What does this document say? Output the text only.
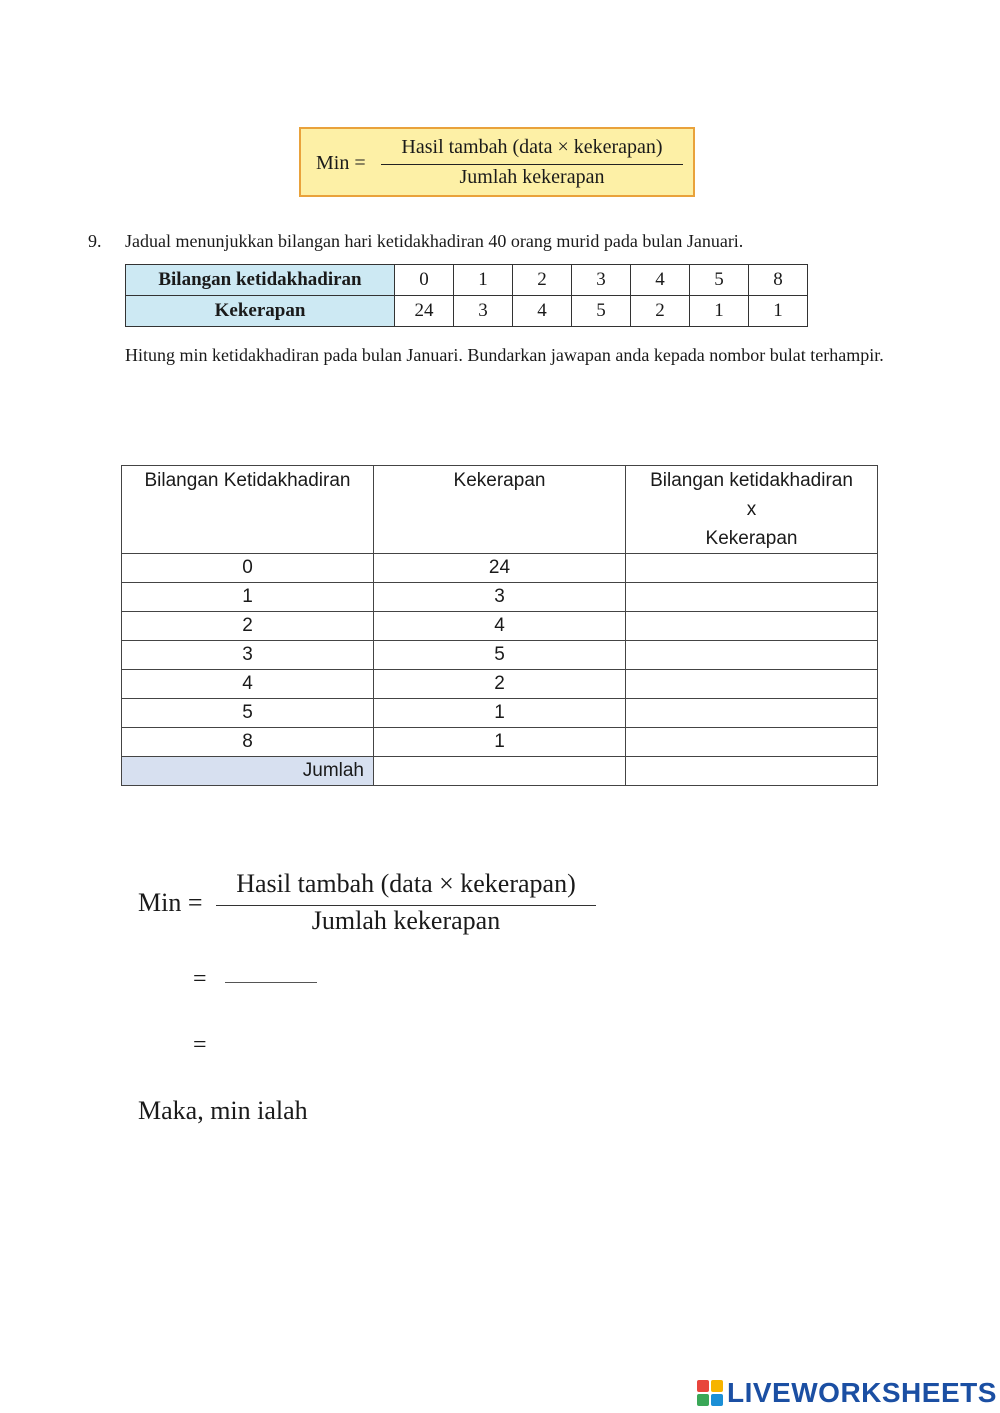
Min =
Hasil tambah (data × kekerapan)
Jumlah kekerapan
9. Jadual menunjukkan bilangan hari ketidakhadiran 40 orang murid pada bulan Januari.
Bilangan ketidakhadiran	0	1	2	3	4	5	8
Kekerapan	24	3	4	5	2	1	1
Hitung min ketidakhadiran pada bulan Januari. Bundarkan jawapan anda kepada nombor bulat terhampir.
Bilangan Ketidakhadiran	Kekerapan	Bilangan ketidakhadiran
x
Kekerapan
0	24	
1	3	
2	4	
3	5	
4	2	
5	1	
8	1	
Jumlah		
Min =
Hasil tambah (data × kekerapan)
Jumlah kekerapan
=
=
Maka, min ialah
LIVEWORKSHEETS
